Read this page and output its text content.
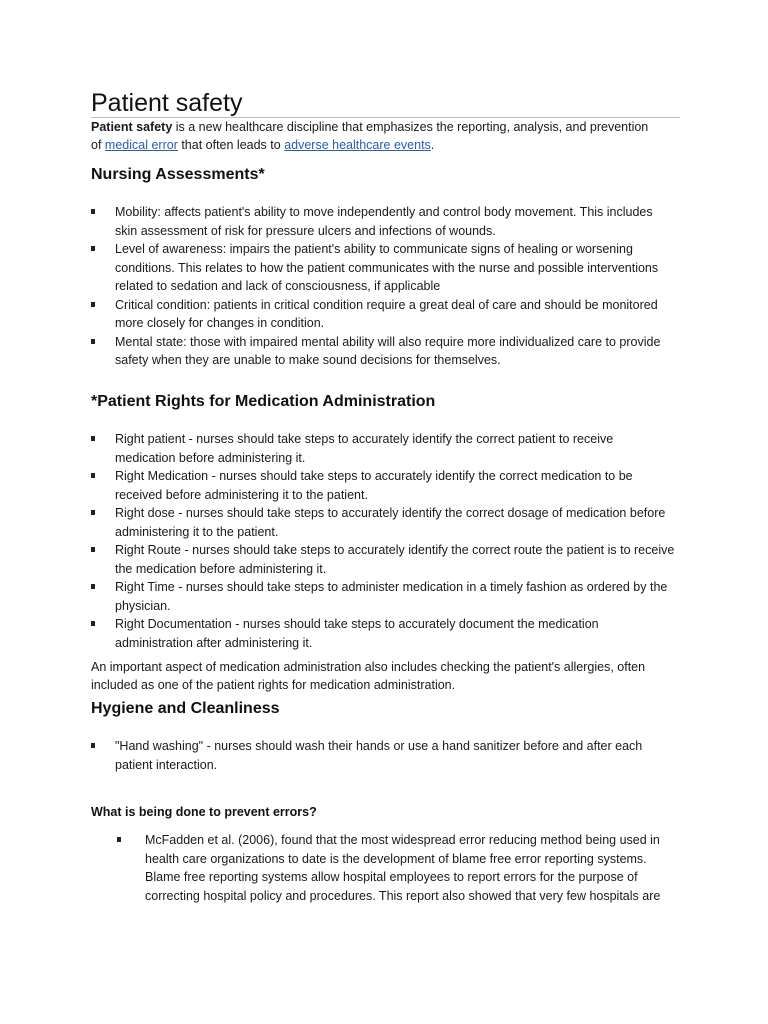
Patient safety
Patient safety is a new healthcare discipline that emphasizes the reporting, analysis, and prevention
of medical error that often leads to adverse healthcare events.
Nursing Assessments*
Mobility: affects patient's ability to move independently and control body movement. This includes
skin assessment of risk for pressure ulcers and infections of wounds.
Level of awareness: impairs the patient's ability to communicate signs of healing or worsening
conditions. This relates to how the patient communicates with the nurse and possible interventions
related to sedation and lack of consciousness, if applicable
Critical condition: patients in critical condition require a great deal of care and should be monitored
more closely for changes in condition.
Mental state: those with impaired mental ability will also require more individualized care to provide
safety when they are unable to make sound decisions for themselves.
*Patient Rights for Medication Administration
Right patient - nurses should take steps to accurately identify the correct patient to receive
medication before administering it.
Right Medication - nurses should take steps to accurately identify the correct medication to be
received before administering it to the patient.
Right dose - nurses should take steps to accurately identify the correct dosage of medication before
administering it to the patient.
Right Route - nurses should take steps to accurately identify the correct route the patient is to receive
the medication before administering it.
Right Time - nurses should take steps to administer medication in a timely fashion as ordered by the
physician.
Right Documentation - nurses should take steps to accurately document the medication
administration after administering it.
An important aspect of medication administration also includes checking the patient's allergies, often
included as one of the patient rights for medication administration.
Hygiene and Cleanliness
"Hand washing" - nurses should wash their hands or use a hand sanitizer before and after each
patient interaction.
What is being done to prevent errors?
McFadden et al. (2006), found that the most widespread error reducing method being used in
health care organizations to date is the development of blame free error reporting systems.
Blame free reporting systems allow hospital employees to report errors for the purpose of
correcting hospital policy and procedures. This report also showed that very few hospitals are
